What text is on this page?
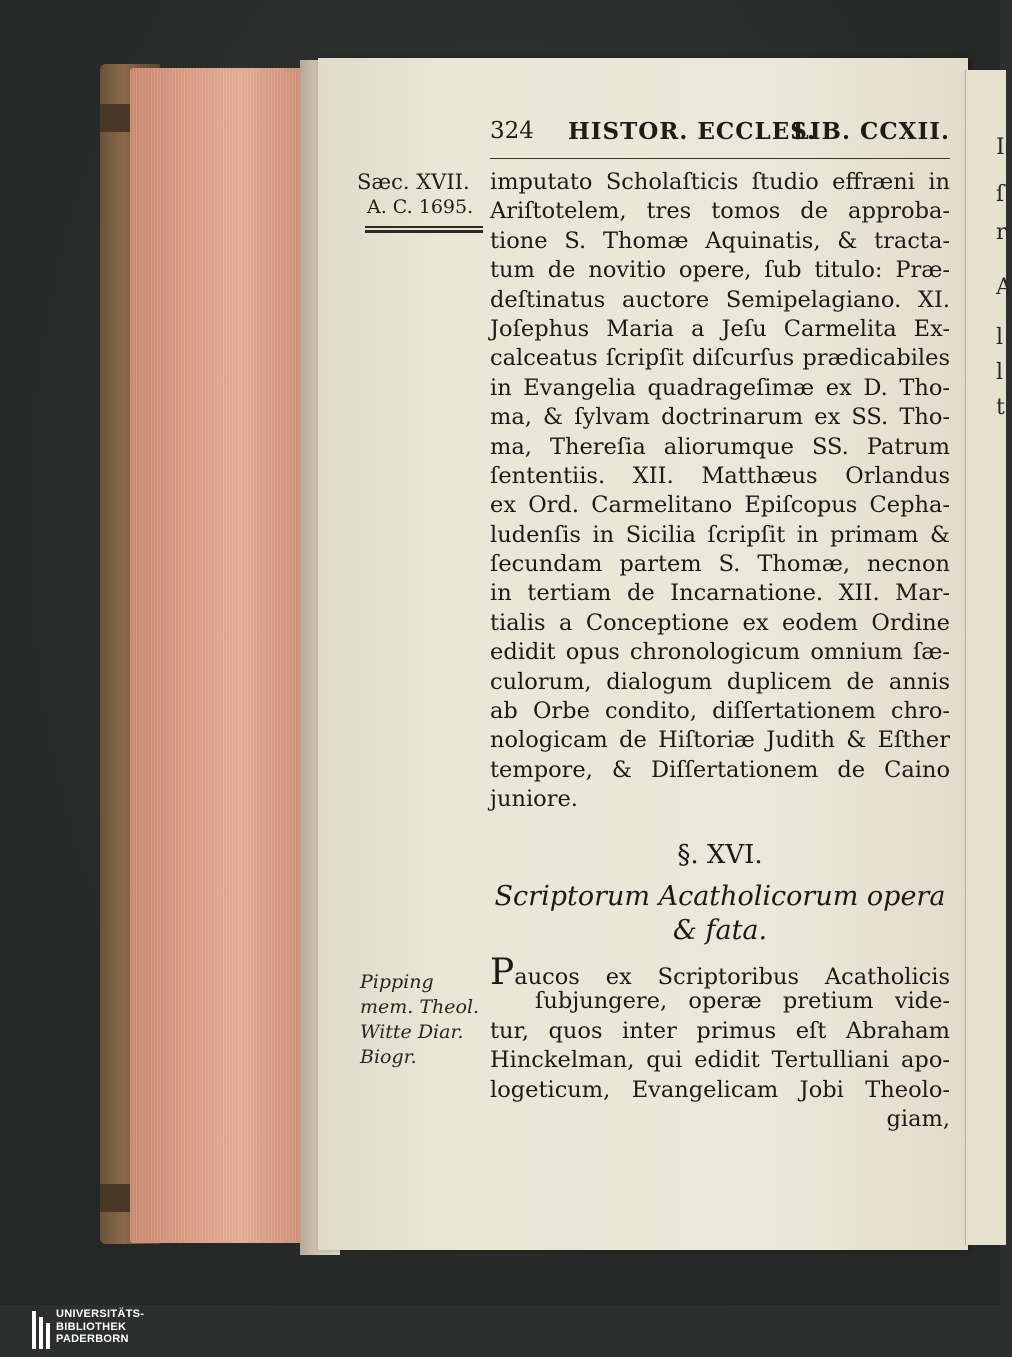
I
ſ
r
A
l
l
t
324 HISTOR. ECCLES.
LIB. CCXII.
Sæc. XVII.
A. C. 1695.
imputato Scholaſticis ſtudio effræni in
Ariſtotelem, tres tomos de approba-
tione S. Thomæ Aquinatis, & tracta-
tum de novitio opere, ſub titulo: Præ-
deſtinatus auctore Semipelagiano. XI.
Joſephus Maria a Jeſu Carmelita Ex-
calceatus ſcripſit diſcurſus prædicabiles
in Evangelia quadrageſimæ ex D. Tho-
ma, & ſylvam doctrinarum ex SS. Tho-
ma, Thereſia aliorumque SS. Patrum
ſententiis. XII. Matthæus Orlandus
ex Ord. Carmelitano Epiſcopus Cepha-
ludenſis in Sicilia ſcripſit in primam &
ſecundam partem S. Thomæ, necnon
in tertiam de Incarnatione. XII. Mar-
tialis a Conceptione ex eodem Ordine
edidit opus chronologicum omnium ſæ-
culorum, dialogum duplicem de annis
ab Orbe condito, diſſertationem chro-
nologicam de Hiſtoriæ Judith & Eſther
tempore, & Diſſertationem de Caino
juniore.
§. XVI.
Scriptorum Acatholicorum opera
& fata.
Pipping
mem. Theol.
Witte Diar.
Biogr.
Paucos ex Scriptoribus Acatholicis
ſubjungere, operæ pretium vide-
tur, quos inter primus eſt Abraham
Hinckelman, qui edidit Tertulliani apo-
logeticum, Evangelicam Jobi Theolo-
giam,
UNIVERSITÄTS-
BIBLIOTHEK
PADERBORN
